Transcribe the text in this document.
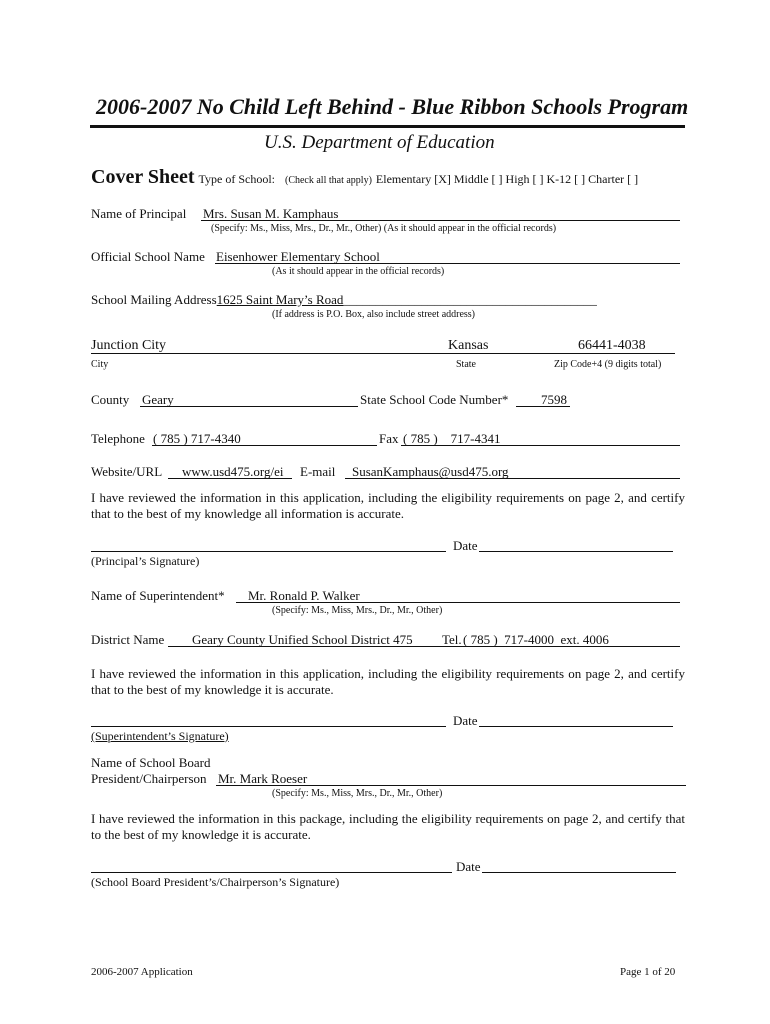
2006-2007 No Child Left Behind - Blue Ribbon Schools Program
U.S. Department of Education
Cover Sheet Type of School: (Check all that apply) Elementary [X] Middle [ ] High [ ] K-12 [ ] Charter [ ]
Name of Principal Mrs. Susan M. Kamphaus
(Specify: Ms., Miss, Mrs., Dr., Mr., Other) (As it should appear in the official records)
Official School Name Eisenhower Elementary School
(As it should appear in the official records)
School Mailing Address1625 Saint Mary’s Road_______________________________________
(If address is P.O. Box, also include street address)
Junction City	Kansas	66441-4038
City	State	Zip Code+4 (9 digits total)
County Geary	State School Code Number*	7598
Telephone ( 785 ) 717-4340	Fax ( 785 )    717-4341
Website/URL www.usd475.org/ei E-mail SusanKamphaus@usd475.org
I have reviewed the information in this application, including the eligibility requirements on page 2, and certify that to the best of my knowledge all information is accurate.
Date
(Principal’s Signature)
Name of Superintendent* Mr. Ronald P. Walker
(Specify: Ms., Miss, Mrs., Dr., Mr., Other)
District Name Geary County Unified School District 475 Tel. ( 785 )  717-4000  ext. 4006
I have reviewed the information in this application, including the eligibility requirements on page 2, and certify that to the best of my knowledge it is accurate.
Date
(Superintendent’s Signature)
Name of School Board
President/Chairperson Mr. Mark Roeser
(Specify: Ms., Miss, Mrs., Dr., Mr., Other)
I have reviewed the information in this package, including the eligibility requirements on page 2, and certify that to the best of my knowledge it is accurate.
Date
(School Board President’s/Chairperson’s Signature)
2006-2007 Application	Page 1 of 20
